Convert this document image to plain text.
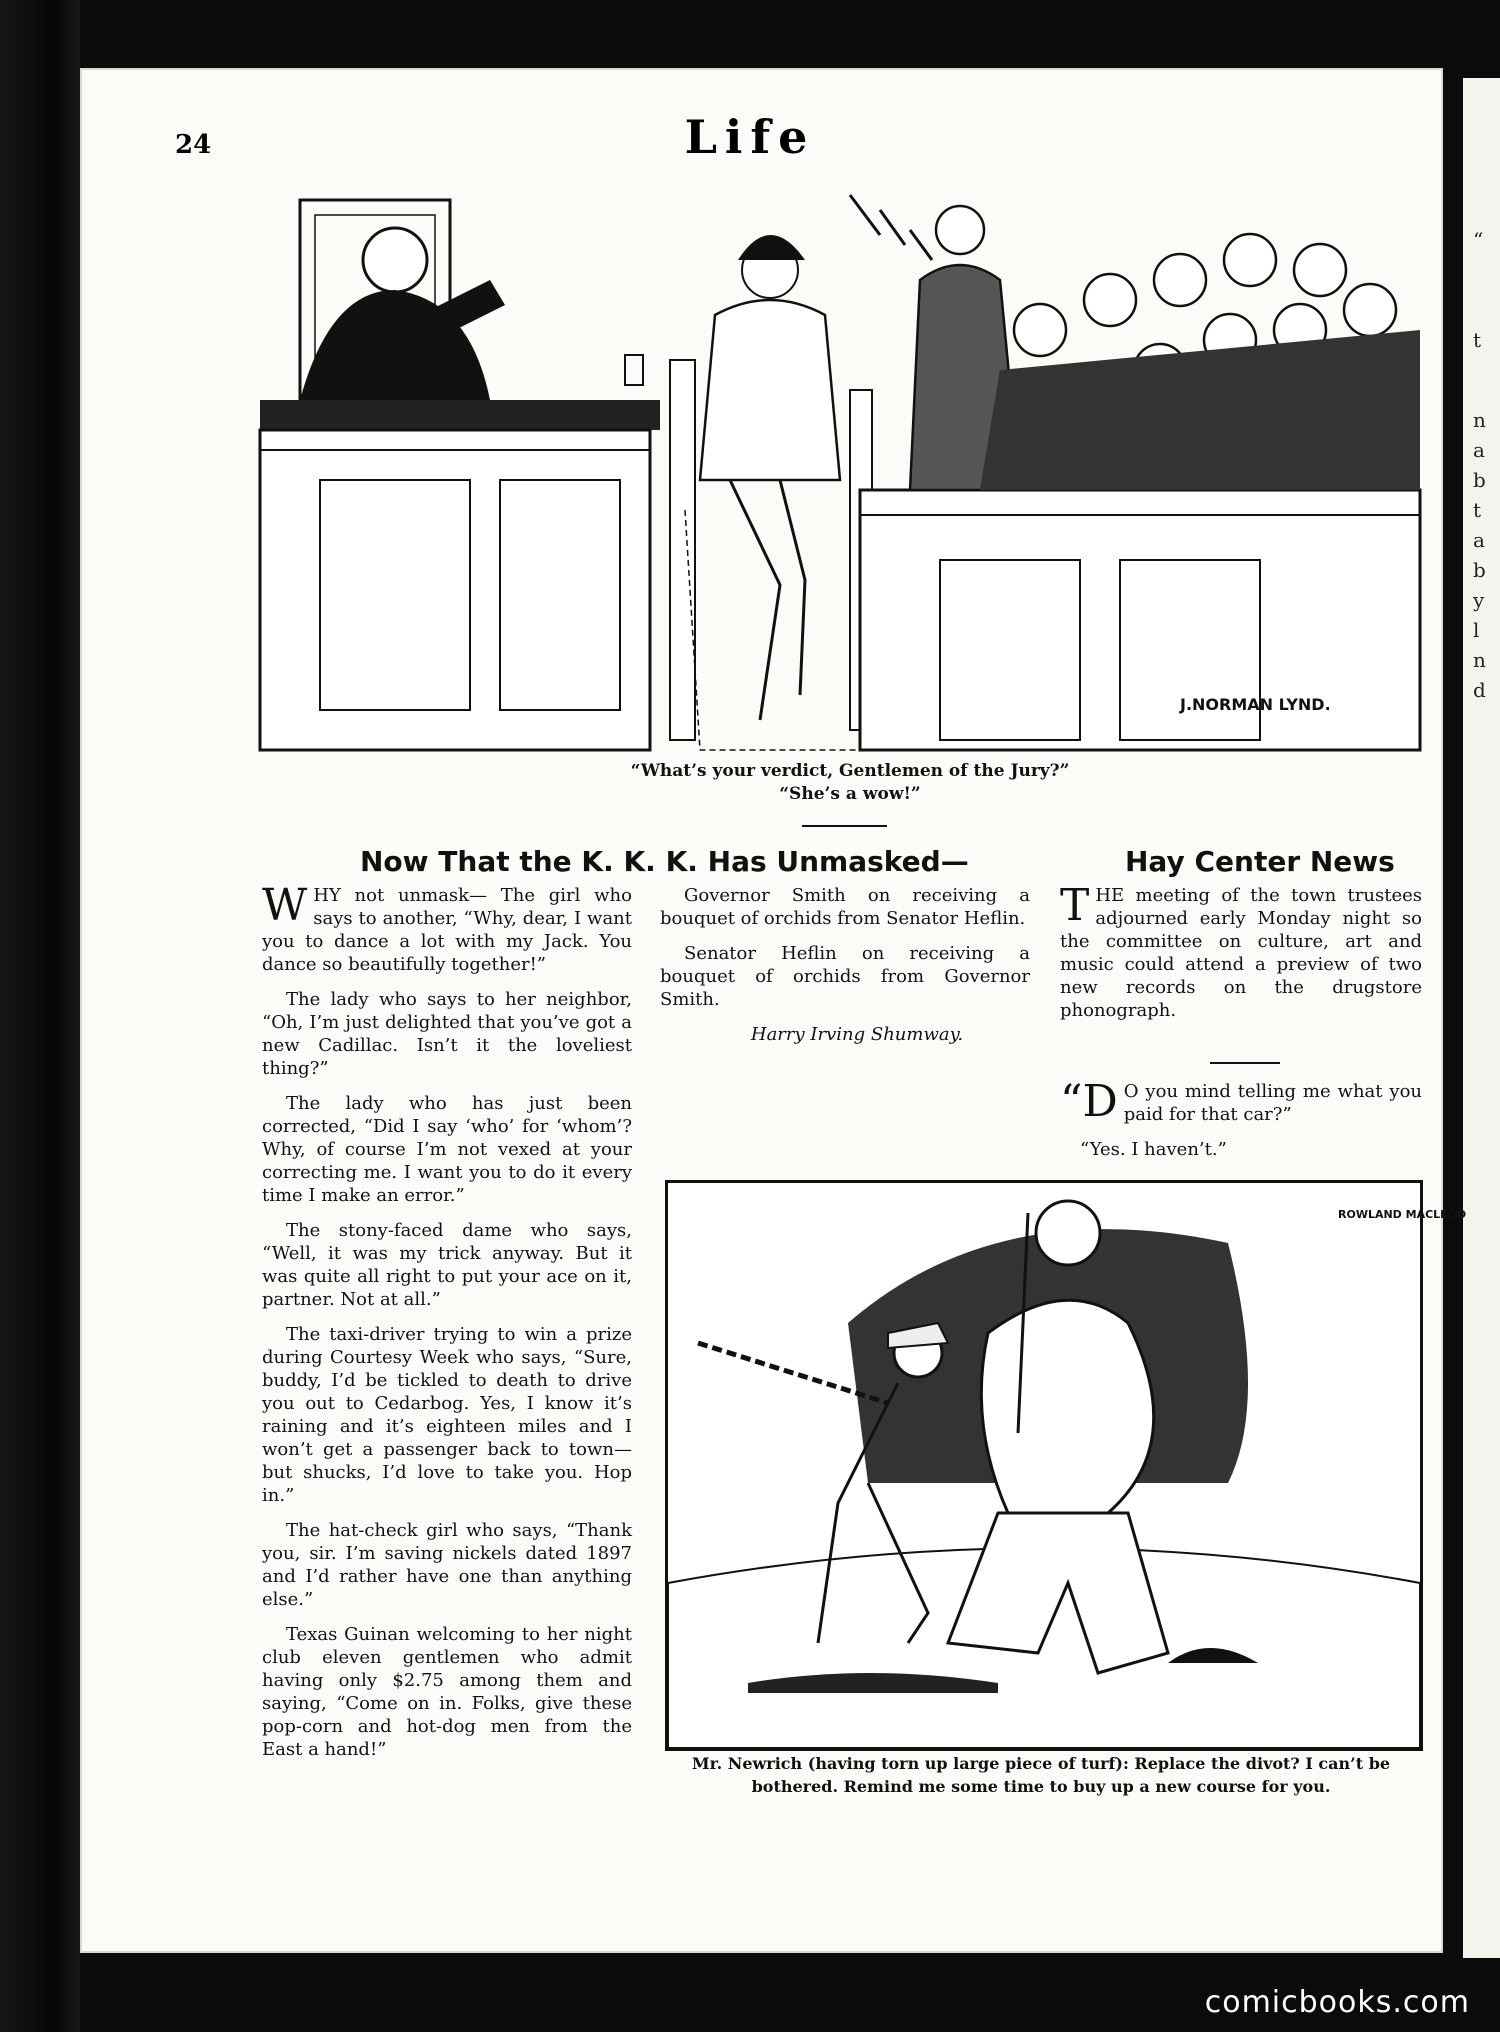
“
t
n
a
b
t
a
b
y
l
n
d
24	Life
J.NORMAN LYND.
“What’s your verdict, Gentlemen of the Jury?”
“She’s a wow!”
Now That the K. K. K. Has Unmasked—

WHY not unmask— The girl who says to another, “Why, dear, I want you to dance a lot with my Jack. You dance so beautifully together!”

The lady who says to her neighbor, “Oh, I’m just delighted that you’ve got a new Cadillac. Isn’t it the loveliest thing?”

The lady who has just been corrected, “Did I say ‘who’ for ‘whom’? Why, of course I’m not vexed at your correcting me. I want you to do it every time I make an error.”

The stony-faced dame who says, “Well, it was my trick anyway. But it was quite all right to put your ace on it, partner. Not at all.”

The taxi-driver trying to win a prize during Courtesy Week who says, “Sure, buddy, I’d be tickled to death to drive you out to Cedarbog. Yes, I know it’s raining and it’s eighteen miles and I won’t get a passenger back to town—but shucks, I’d love to take you. Hop in.”

The hat-check girl who says, “Thank you, sir. I’m saving nickels dated 1897 and I’d rather have one than anything else.”

Texas Guinan welcoming to her night club eleven gentlemen who admit having only $2.75 among them and saying, “Come on in. Folks, give these pop-corn and hot-dog men from the East a hand!”

Governor Smith on receiving a bouquet of orchids from Senator Heflin.

Senator Heflin on receiving a bouquet of orchids from Governor Smith.

Harry Irving Shumway.

Hay Center News

THE meeting of the town trustees adjourned early Monday night so the committee on culture, art and music could attend a preview of two new records on the drugstore phonograph.

“D O you mind telling me what you paid for that car?”

“Yes. I haven’t.”

ROWLAND MACLEOD
Mr. Newrich (having torn up large piece of turf): Replace the divot? I can’t be bothered. Remind me some time to buy up a new course for you.
comicbooks.com
